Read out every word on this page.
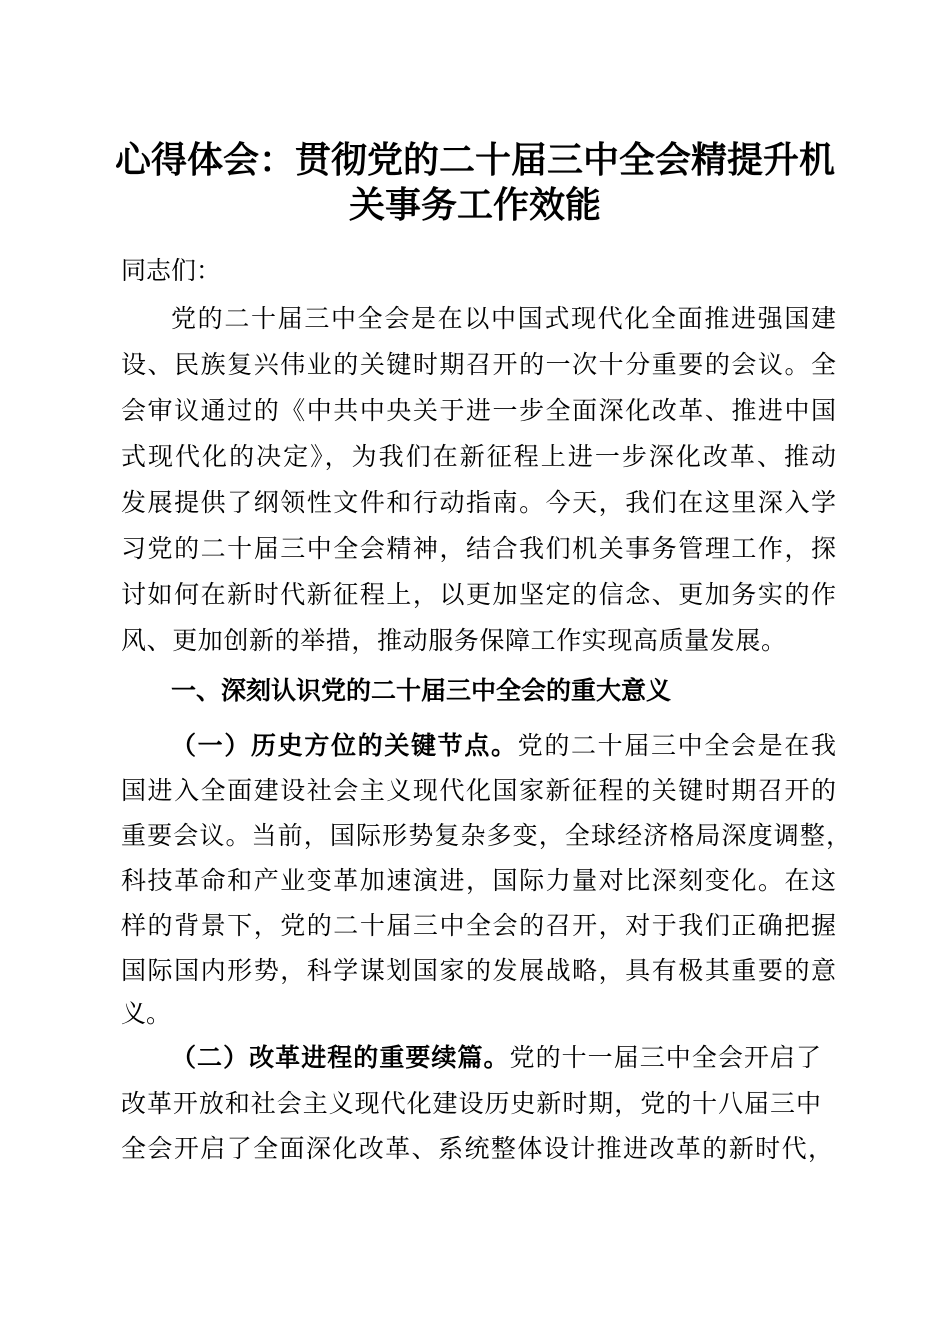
心得体会：贯彻党的二十届三中全会精提升机
关事务工作效能
同志们：
党的二十届三中全会是在以中国式现代化全面推进强国建
设、民族复兴伟业的关键时期召开的一次十分重要的会议。全
会审议通过的《中共中央关于进一步全面深化改革、推进中国
式现代化的决定》，为我们在新征程上进一步深化改革、推动
发展提供了纲领性文件和行动指南。今天，我们在这里深入学
习党的二十届三中全会精神，结合我们机关事务管理工作，探
讨如何在新时代新征程上，以更加坚定的信念、更加务实的作
风、更加创新的举措，推动服务保障工作实现高质量发展。
一、深刻认识党的二十届三中全会的重大意义
（一）历史方位的关键节点。党的二十届三中全会是在我
国进入全面建设社会主义现代化国家新征程的关键时期召开的
重要会议。当前，国际形势复杂多变，全球经济格局深度调整，
科技革命和产业变革加速演进，国际力量对比深刻变化。在这
样的背景下，党的二十届三中全会的召开，对于我们正确把握
国际国内形势，科学谋划国家的发展战略，具有极其重要的意
义。
（二）改革进程的重要续篇。党的十一届三中全会开启了
改革开放和社会主义现代化建设历史新时期，党的十八届三中
全会开启了全面深化改革、系统整体设计推进改革的新时代，
